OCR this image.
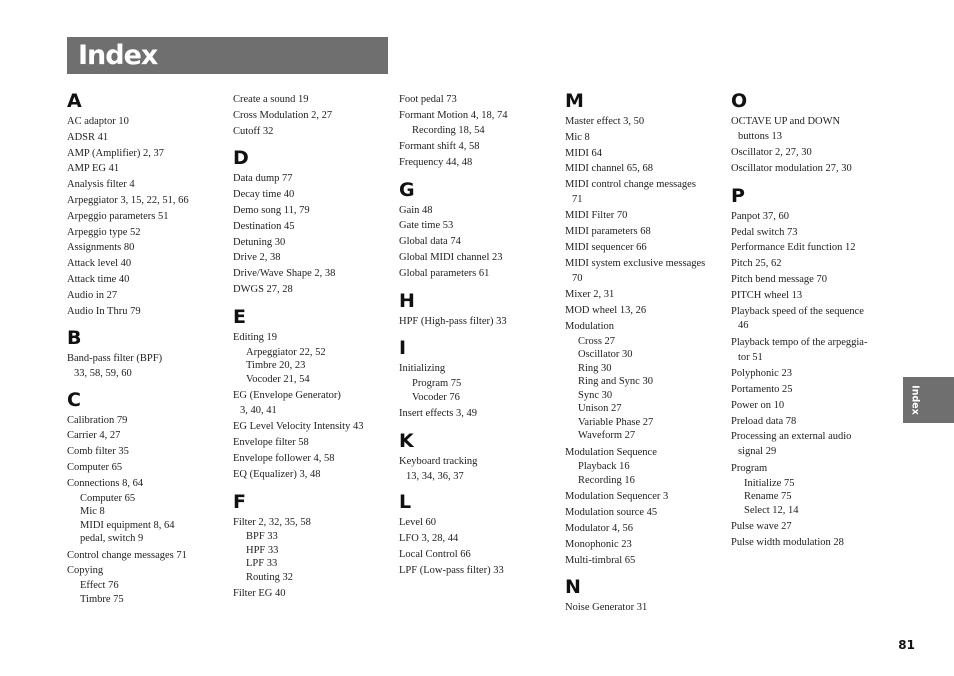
Index
A
AC adaptor 10
ADSR 41
AMP (Amplifier) 2, 37
AMP EG 41
Analysis filter 4
Arpeggiator 3, 15, 22, 51, 66
Arpeggio parameters 51
Arpeggio type 52
Assignments 80
Attack level 40
Attack time 40
Audio in 27
Audio In Thru 79
B
Band-pass filter (BPF)
33, 58, 59, 60
C
Calibration 79
Carrier 4, 27
Comb filter 35
Computer 65
Connections 8, 64
Computer 65
Mic 8
MIDI equipment 8, 64
pedal, switch 9
Control change messages 71
Copying
Effect 76
Timbre 75
Create a sound 19
Cross Modulation 2, 27
Cutoff 32
D
Data dump 77
Decay time 40
Demo song 11, 79
Destination 45
Detuning 30
Drive 2, 38
Drive/Wave Shape 2, 38
DWGS 27, 28
E
Editing 19
Arpeggiator 22, 52
Timbre 20, 23
Vocoder 21, 54
EG (Envelope Generator)
3, 40, 41
EG Level Velocity Intensity 43
Envelope filter 58
Envelope follower 4, 58
EQ (Equalizer) 3, 48
F
Filter 2, 32, 35, 58
BPF 33
HPF 33
LPF 33
Routing 32
Filter EG 40
Foot pedal 73
Formant Motion 4, 18, 74
Recording 18, 54
Formant shift 4, 58
Frequency 44, 48
G
Gain 48
Gate time 53
Global data 74
Global MIDI channel 23
Global parameters 61
H
HPF (High-pass filter) 33
I
Initializing
Program 75
Vocoder 76
Insert effects 3, 49
K
Keyboard tracking
13, 34, 36, 37
L
Level 60
LFO 3, 28, 44
Local Control 66
LPF (Low-pass filter) 33
M
Master effect 3, 50
Mic 8
MIDI 64
MIDI channel 65, 68
MIDI control change messages
71
MIDI Filter 70
MIDI parameters 68
MIDI sequencer 66
MIDI system exclusive messages
70
Mixer 2, 31
MOD wheel 13, 26
Modulation
Cross 27
Oscillator 30
Ring 30
Ring and Sync 30
Sync 30
Unison 27
Variable Phase 27
Waveform 27
Modulation Sequence
Playback 16
Recording 16
Modulation Sequencer 3
Modulation source 45
Modulator 4, 56
Monophonic 23
Multi-timbral 65
N
Noise Generator 31
O
OCTAVE UP and DOWN
buttons 13
Oscillator 2, 27, 30
Oscillator modulation 27, 30
P
Panpot 37, 60
Pedal switch 73
Performance Edit function 12
Pitch 25, 62
Pitch bend message 70
PITCH wheel 13
Playback speed of the sequence
46
Playback tempo of the arpeggia-
tor 51
Polyphonic 23
Portamento 25
Power on 10
Preload data 78
Processing an external audio
signal 29
Program
Initialize 75
Rename 75
Select 12, 14
Pulse wave 27
Pulse width modulation 28
Index
81
